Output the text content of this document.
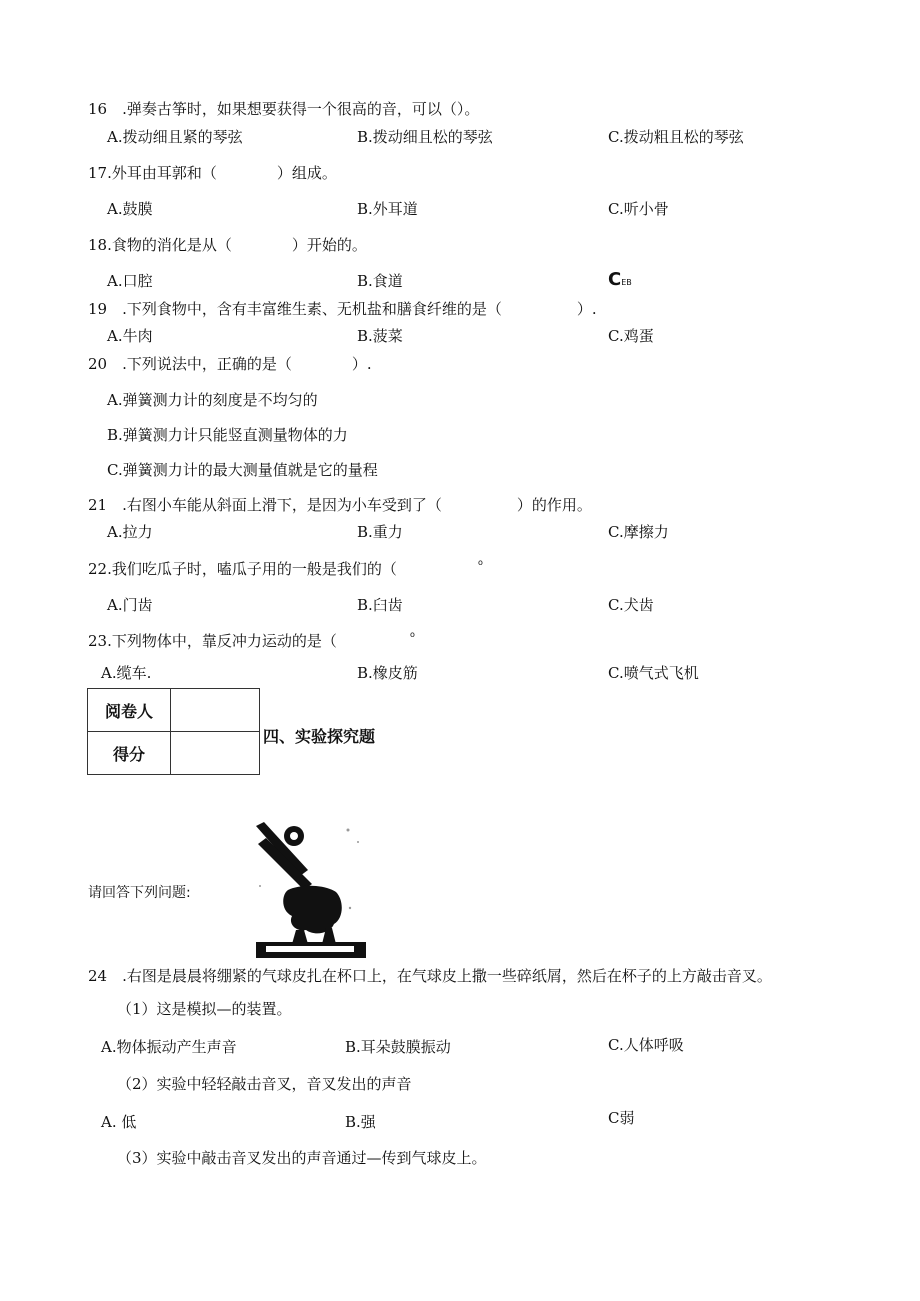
16　.弹奏古筝时，如果想要获得一个很高的音，可以（）。
A.拨动细且紧的琴弦	B.拨动细且松的琴弦	C.拨动粗且松的琴弦
17.外耳由耳郭和（　　　　）组成。
A.鼓膜	B.外耳道	C.听小骨
18.食物的消化是从（　　　　）开始的。
A.口腔	B.食道	CEB
19　.下列食物中，含有丰富维生素、无机盐和膳食纤维的是（　　　　　）.
A.牛肉	B.菠菜	C.鸡蛋
20　.下列说法中，正确的是（　　　　）.
A.弹簧测力计的刻度是不均匀的
B.弹簧测力计只能竖直测量物体的力
C.弹簧测力计的最大测量值就是它的量程
21　.右图小车能从斜面上滑下，是因为小车受到了（　　　　　）的作用。
A.拉力	B.重力	C.摩擦力
22.我们吃瓜子时，嗑瓜子用的一般是我们的（	o
A.门齿	B.臼齿	C.犬齿
23.下列物体中，靠反冲力运动的是（	o
A.缆车.	B.橡皮筋	C.喷气式飞机
阅卷人	
得分	
四、实验探究题
请回答下列问题:
24　.右图是晨晨将绷紧的气球皮扎在杯口上，在气球皮上撒一些碎纸屑，然后在杯子的上方敲击音叉。
（1）这是模拟—的装置。
A.物体振动产生声音	B.耳朵鼓膜振动	C.人体呼吸
（2）实验中轻轻敲击音叉，音叉发出的声音
A. 低	B.强	C弱
（3）实验中敲击音叉发出的声音通过—传到气球皮上。
